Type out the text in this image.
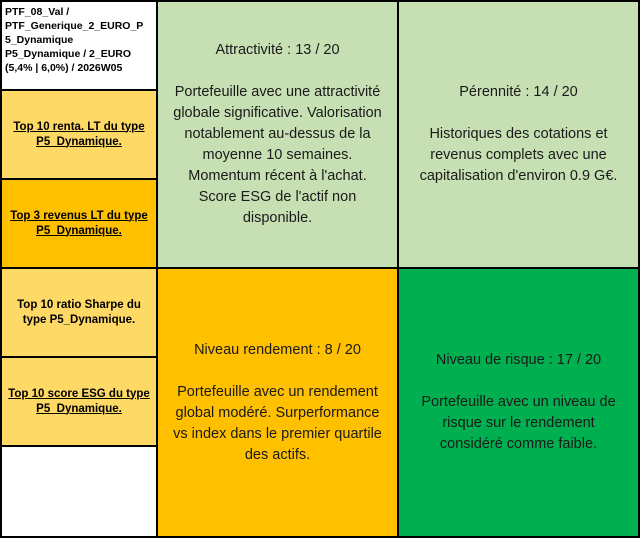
PTF_08_Val /
PTF_Generique_2_EURO_P
5_Dynamique
P5_Dynamique / 2_EURO
(5,4% | 6,0%) / 2026W05
Top 10 renta. LT du type
P5_Dynamique.
Top 3 revenus LT du type
P5_Dynamique.
Top 10 ratio Sharpe du
type P5_Dynamique.
Top 10 score ESG du type
P5_Dynamique.
Attractivité : 13 / 20
Portefeuille avec une attractivité
globale significative. Valorisation
notablement au-dessus de la
moyenne 10 semaines.
Momentum récent à l'achat.
Score ESG de l'actif non
disponible.
Pérennité : 14 / 20
Historiques des cotations et
revenus complets avec une
capitalisation d'environ 0.9 G€.
Niveau rendement : 8 / 20
Portefeuille avec un rendement
global modéré. Surperformance
vs index dans le premier quartile
des actifs.
Niveau de risque : 17 / 20
Portefeuille avec un niveau de
risque sur le rendement
considéré comme faible.
